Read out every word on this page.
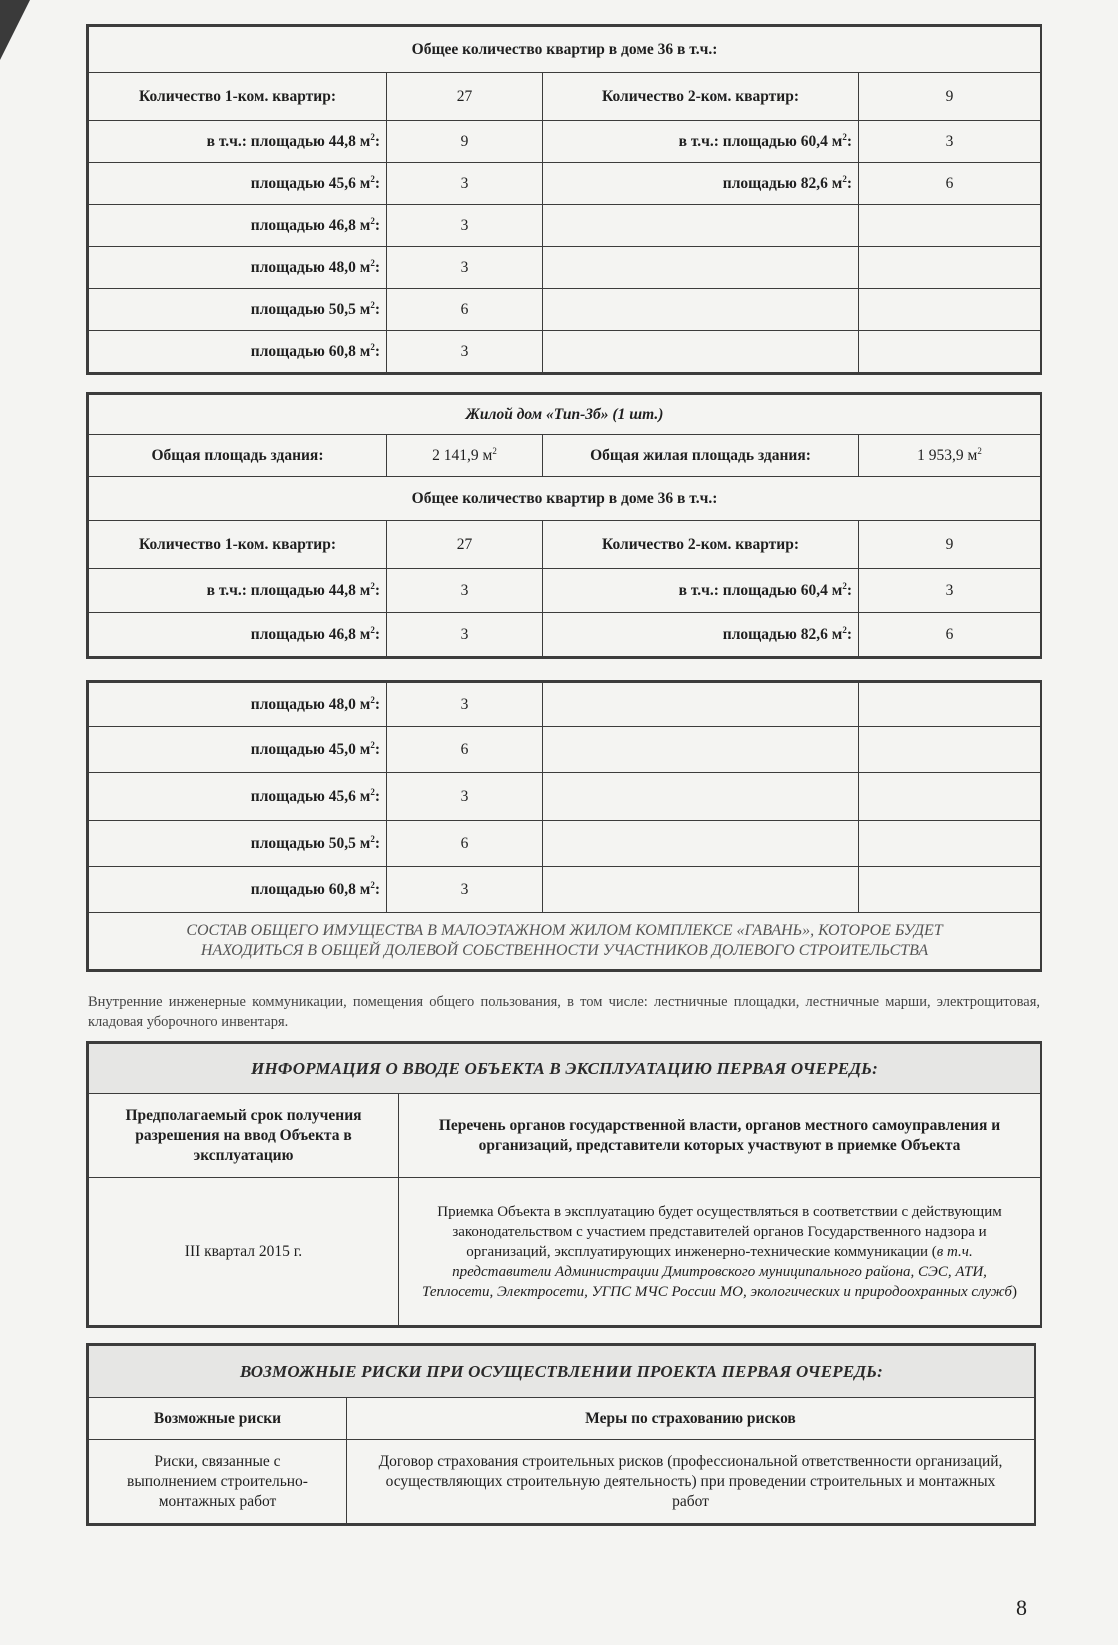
Общее количество квартир в доме 36 в т.ч.:			
Количество 1-ком. квартир:	27	Количество 2-ком. квартир:	9
в т.ч.: площадью 44,8 $м^2$:	9	в т.ч.: площадью 60,4 $м^2$:	3
площадью 45,6 $м^2$:	3	площадью 82,6 $м^2$:	6
площадью 46,8 $м^2$:	3		
площадью 48,0 $м^2$:	3		
площадью 50,5 $м^2$:	6		
площадью 60,8 $м^2$:	3		
Жилой дом «Тип-3б» (1 шт.)			
Общая площадь здания:	2 141,9 $м^2$	Общая жилая площадь здания:	1 953,9 $м^2$
Общее количество квартир в доме 36 в т.ч.:			
Количество 1-ком. квартир:	27	Количество 2-ком. квартир:	9
в т.ч.: площадью 44,8 $м^2$:	3	в т.ч.: площадью 60,4 $м^2$:	3
площадью 46,8 $м^2$:	3	площадью 82,6 $м^2$:	6
площадью 48,0 $м^2$:	3		
площадью 45,0 $м^2$:	6		
площадью 45,6 $м^2$:	3		
площадью 50,5 $м^2$:	6		
площадью 60,8 $м^2$:	3		

СОСТАВ ОБЩЕГО ИМУЩЕСТВА В МАЛОЭТАЖНОМ ЖИЛОМ КОМПЛЕКСЕ «ГАВАНЬ», КОТОРОЕ БУДЕТ
НАХОДИТЬСЯ В ОБЩЕЙ ДОЛЕВОЙ СОБСТВЕННОСТИ УЧАСТНИКОВ ДОЛЕВОГО СТРОИТЕЛЬСТВА			
Внутренние инженерные коммуникации, помещения общего пользования, в том числе: лестничные площадки, лестничные марши, электрощитовая, кладовая уборочного инвентаря.
ИНФОРМАЦИЯ О ВВОДЕ ОБЪЕКТА В ЭКСПЛУАТАЦИЮ ПЕРВАЯ ОЧЕРЕДЬ:	
Предполагаемый срок получения разрешения на ввод Объекта в эксплуатацию	Перечень органов государственной власти, органов местного самоуправления и организаций, представители которых участвуют в приемке Объекта
III квартал 2015 г.	Приемка Объекта в эксплуатацию будет осуществляться в соответствии с действующим законодательством с участием представителей органов Государственного надзора и организаций, эксплуатирующих инженерно-технические коммуникации (в т.ч. представители Администрации Дмитровского муниципального района, СЭС, АТИ, Теплосети, Электросети, УГПС МЧС России МО, экологических и природоохранных служб)
ВОЗМОЖНЫЕ РИСКИ ПРИ ОСУЩЕСТВЛЕНИИ ПРОЕКТА ПЕРВАЯ ОЧЕРЕДЬ:	
Возможные риски	Меры по страхованию рисков
Риски, связанные с выполнением строительно-монтажных работ	Договор страхования строительных рисков (профессиональной ответственности организаций, осуществляющих строительную деятельность) при проведении строительных и монтажных работ
8
